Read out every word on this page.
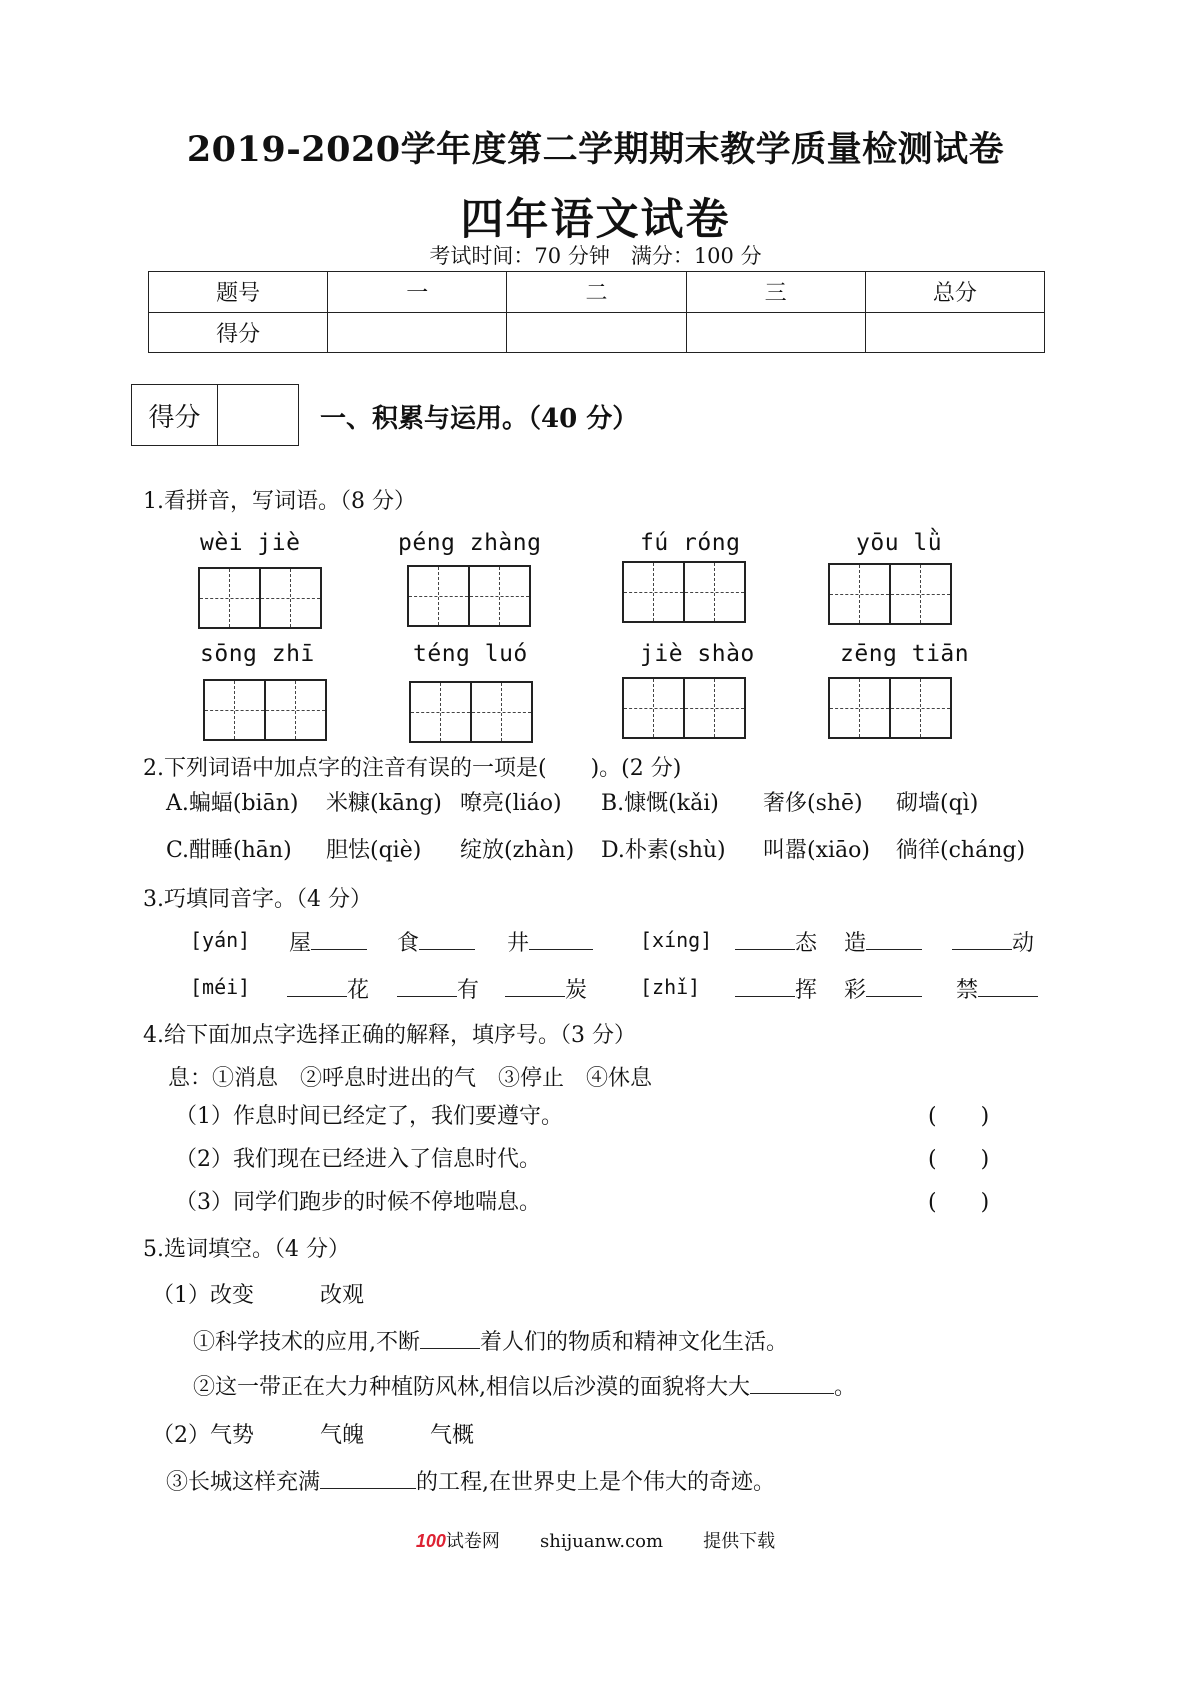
2019-2020学年度第二学期期末教学质量检测试卷
四年语文试卷
考试时间：70 分钟　满分：100 分
题号	一	二	三	总分
得分				
得分	一、积累与运用。（40 分）
1.看拼音，写词语。（8 分）
wèi jiè	péng zhàng	fú róng	yōu lǜ
sōng zhī	téng luó	jiè shào	zēng tiān
2.下列词语中加点字的注音有误的一项是(　　)。(2 分)
A.蝙蝠(biān) 米糠(kāng) 嘹亮(liáo) B.慷慨(kǎi) 奢侈(shē) 砌墙(qì)
C.酣睡(hān) 胆怯(qiè) 绽放(zhàn) D.朴素(shù) 叫嚣(xiāo) 徜徉(cháng)
3.巧填同音字。（4 分）
[yán] 屋	食	井	[xíng]	态 造	动
[méi]	花	有	炭	[zhǐ]	挥 彩	禁
4.给下面加点字选择正确的解释，填序号。（3 分）
息：①消息　②呼息时进出的气　③停止　④休息
（1）作息时间已经定了，我们要遵守。	(　　)
（2）我们现在已经进入了信息时代。	(　　)
（3）同学们跑步的时候不停地喘息。	(　　)
5.选词填空。（4 分）
（1）改变　　　改观
①科学技术的应用,不断	着人们的物质和精神文化生活。
②这一带正在大力种植防风林,相信以后沙漠的面貌将大大	。
（2）气势　　　气魄　　　气概
③长城这样充满	的工程,在世界史上是个伟大的奇迹。
100试卷网 shijuanw.com 提供下载
